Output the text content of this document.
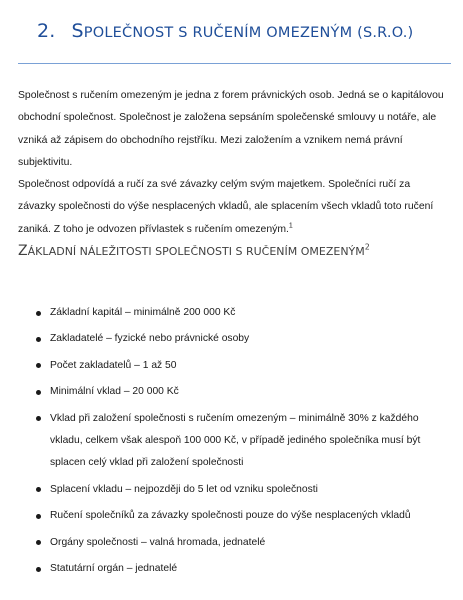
2. SPOLEČNOST S RUČENÍM OMEZENÝM (S.R.O.)
Společnost s ručením omezeným je jedna z forem právnických osob. Jedná se o kapitálovou obchodní společnost. Společnost je založena sepsáním společenské smlouvy u notáře, ale vzniká až zápisem do obchodního rejstříku. Mezi založením a vznikem nemá právní subjektivitu.
Společnost odpovídá a ručí za své závazky celým svým majetkem. Společníci ručí za závazky společnosti do výše nesplacených vkladů, ale splacením všech vkladů toto ručení zaniká. Z toho je odvozen přívlastek s ručením omezeným.$^1$
ZÁKLADNÍ NÁLEŽITOSTI SPOLEČNOSTI S RUČENÍM OMEZENÝM$^2$
Základní kapitál – minimálně 200 000 Kč
Zakladatelé – fyzické nebo právnické osoby
Počet zakladatelů – 1 až 50
Minimální vklad – 20 000 Kč
Vklad při založení společnosti s ručením omezeným – minimálně 30% z každého vkladu, celkem však alespoň 100 000 Kč, v případě jediného společníka musí být splacen celý vklad při založení společnosti
Splacení vkladu – nejpozději do 5 let od vzniku společnosti
Ručení společníků za závazky společnosti pouze do výše nesplacených vkladů
Orgány společnosti – valná hromada, jednatelé
Statutární orgán – jednatelé
